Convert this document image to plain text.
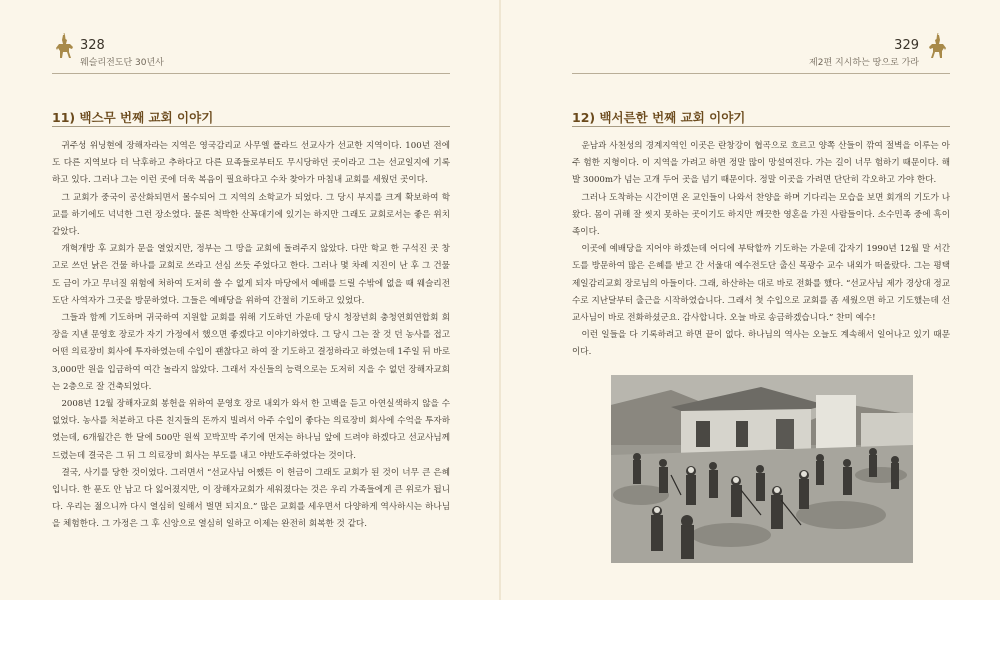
328
웨슬리전도단 30년사
11) 백스무 번째 교회 이야기

귀주성 위닝현에 장해자라는 지역은 영국감리교 사무엘 폴라드 선교사가 선교한 지역이다. 100년 전에도 다른 지역보다 더 낙후하고 추하다고 다른 묘족들로부터도 무시당하던 곳이라고 그는 선교일지에 기록하고 있다. 그러나 그는 이런 곳에 더욱 복음이 필요하다고 수차 찾아가 마침내 교회를 세웠던 곳이다.

그 교회가 중국이 공산화되면서 몰수되어 그 지역의 소학교가 되었다. 그 당시 부지를 크게 확보하여 학교를 하기에도 넉넉한 그런 장소였다. 물론 척박한 산꼭대기에 있기는 하지만 그래도 교회로서는 좋은 위치 같았다.

개혁개방 후 교회가 문을 열었지만, 정부는 그 땅을 교회에 돌려주지 않았다. 다만 학교 한 구석진 곳 창고로 쓰던 낡은 건물 하나를 교회로 쓰라고 선심 쓰듯 주었다고 한다. 그러나 몇 차례 지진이 난 후 그 건물도 금이 가고 무너질 위험에 처하여 도저히 쓸 수 없게 되자 마당에서 예배를 드릴 수밖에 없을 때 웨슬리전도단 사역자가 그곳을 방문하였다. 그들은 예배당을 위하여 간절히 기도하고 있었다.

그들과 함께 기도하며 귀국하여 지원할 교회를 위해 기도하던 가운데 당시 청장년회 충청연회연합회 회장을 지낸 문영호 장로가 자기 가정에서 했으면 좋겠다고 이야기하였다. 그 당시 그는 잘 것 던 농사를 접고 어떤 의료장비 회사에 투자하였는데 수입이 괜찮다고 하여 잘 기도하고 결정하라고 하였는데 1주일 뒤 바로 3,000만 원을 입금하여 여간 놀라지 않았다. 그래서 자신들의 능력으로는 도저히 지을 수 없던 장해자교회는 2층으로 잘 건축되었다.

2008년 12월 장해자교회 봉헌을 위하여 문영호 장로 내외가 와서 한 고백을 듣고 아연실색하지 않을 수 없었다. 농사를 처분하고 다른 친지들의 돈까지 빌려서 아주 수입이 좋다는 의료장비 회사에 수억을 투자하였는데, 6개월간은 한 달에 500만 원씩 꼬박꼬박 주기에 먼저는 하나님 앞에 드려야 하겠다고 선교사님께 드렸는데 결국은 그 뒤 그 의료장비 회사는 부도를 내고 야반도주하였다는 것이다.

결국, 사기를 당한 것이었다. 그러면서 “선교사님 어쨌든 이 헌금이 그래도 교회가 된 것이 너무 큰 은혜입니다. 한 푼도 안 남고 다 잃어졌지만, 이 장해자교회가 세워졌다는 것은 우리 가족들에게 큰 위로가 됩니다. 우리는 젊으니까 다시 열심히 일해서 벌면 되지요.” 많은 교회를 세우면서 다양하게 역사하시는 하나님을 체험한다. 그 가정은 그 후 신앙으로 열심히 일하고 이제는 완전히 회복한 것 같다.

329
제2편 지시하는 땅으로 가라
12) 백서른한 번째 교회 이야기

운남과 사천성의 경계지역인 이곳은 란창강이 협곡으로 흐르고 양쪽 산들이 깎여 절벽을 이루는 아주 험한 지형이다. 이 지역을 가려고 하면 정말 많이 망설여진다. 가는 길이 너무 험하기 때문이다. 해발 3000m가 넘는 고개 두어 곳을 넘기 때문이다. 정말 이곳을 가려면 단단히 각오하고 가야 한다.

그러나 도착하는 시간이면 온 교인들이 나와서 찬양을 하며 기다리는 모습을 보면 회개의 기도가 나왔다. 몸이 귀해 잘 씻지 못하는 곳이기도 하지만 깨끗한 영혼을 가진 사람들이다. 소수민족 중에 흑이족이다.

이곳에 예배당을 지어야 하겠는데 어디에 부탁할까 기도하는 가운데 갑자기 1990년 12월 말 서간도를 방문하여 많은 은혜를 받고 간 서울대 예수전도단 출신 목광수 교수 내외가 떠올랐다. 그는 평택제일감리교회 장로님의 아들이다. 그래, 하산하는 대로 바로 전화를 했다. “선교사님 제가 경상대 정교수로 지난달부터 출근을 시작하였습니다. 그래서 첫 수입으로 교회를 좀 세웠으면 하고 기도했는데 선교사님이 바로 전화하셨군요. 감사합니다. 오늘 바로 송금하겠습니다.” 찬미 예수!

이런 일들을 다 기록하려고 하면 끝이 없다. 하나님의 역사는 오늘도 계속해서 일어나고 있기 때문이다.
